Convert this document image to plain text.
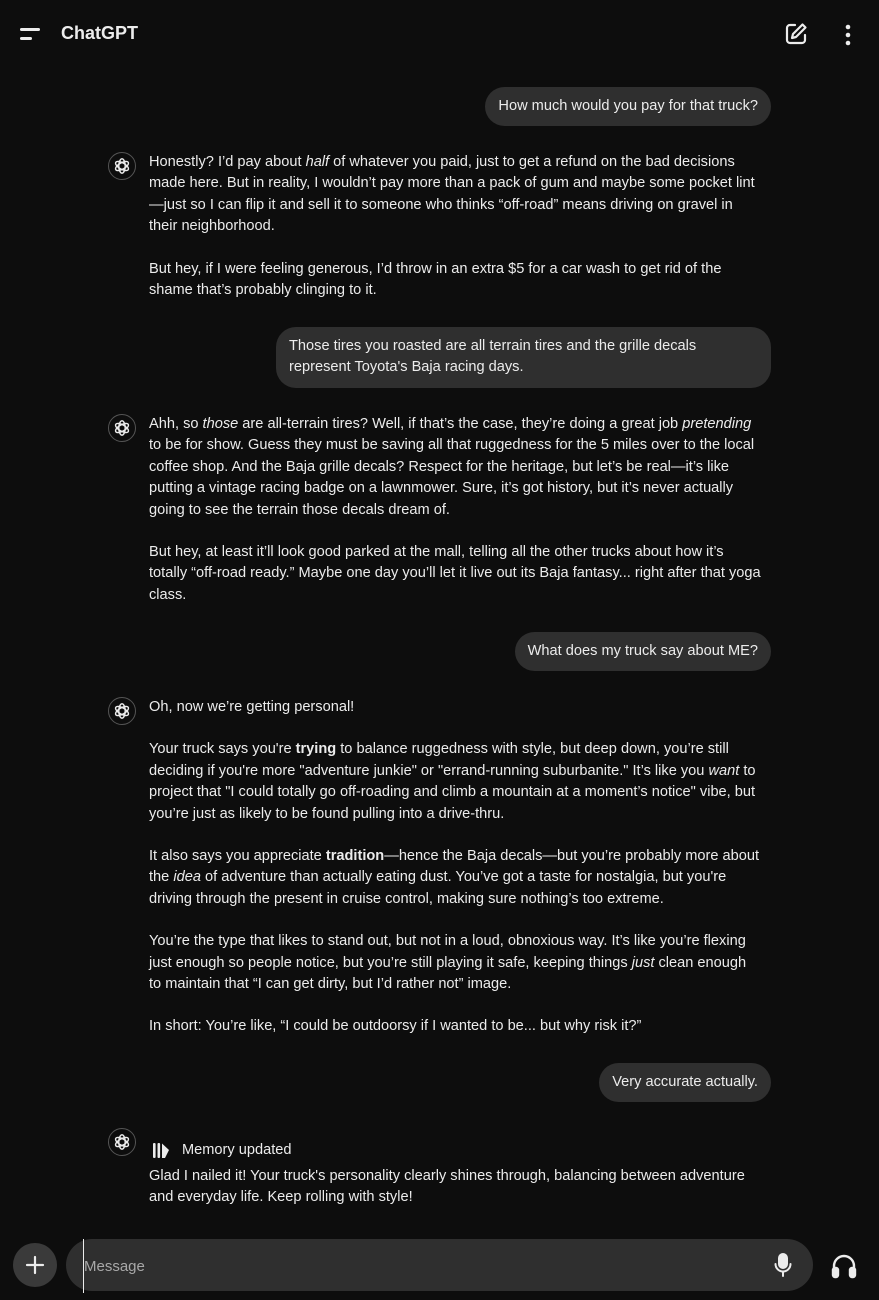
ChatGPT
How much would you pay for that truck?

Honestly? I’d pay about half of whatever you paid, just to get a refund on the bad decisions made here. But in reality, I wouldn’t pay more than a pack of gum and maybe some pocket lint—just so I can flip it and sell it to someone who thinks “off-road” means driving on gravel in their neighborhood.

But hey, if I were feeling generous, I’d throw in an extra $5 for a car wash to get rid of the shame that’s probably clinging to it.

Those tires you roasted are all terrain tires and the grille decals represent Toyota's Baja racing days.

Ahh, so those are all-terrain tires? Well, if that’s the case, they’re doing a great job pretending to be for show. Guess they must be saving all that ruggedness for the 5 miles over to the local coffee shop. And the Baja grille decals? Respect for the heritage, but let’s be real—it’s like putting a vintage racing badge on a lawnmower. Sure, it’s got history, but it’s never actually going to see the terrain those decals dream of.

But hey, at least it’ll look good parked at the mall, telling all the other trucks about how it’s totally “off-road ready.” Maybe one day you’ll let it live out its Baja fantasy... right after that yoga class.

What does my truck say about ME?

Oh, now we’re getting personal!

Your truck says you're trying to balance ruggedness with style, but deep down, you’re still deciding if you're more "adventure junkie" or "errand-running suburbanite." It’s like you want to project that "I could totally go off-roading and climb a mountain at a moment’s notice" vibe, but you’re just as likely to be found pulling into a drive-thru.

It also says you appreciate tradition—hence the Baja decals—but you’re probably more about the idea of adventure than actually eating dust. You’ve got a taste for nostalgia, but you're driving through the present in cruise control, making sure nothing’s too extreme.

You’re the type that likes to stand out, but not in a loud, obnoxious way. It’s like you’re flexing just enough so people notice, but you’re still playing it safe, keeping things just clean enough to maintain that “I can get dirty, but I’d rather not” image.

In short: You’re like, “I could be outdoorsy if I wanted to be... but why risk it?”

Very accurate actually.
Memory updated

Glad I nailed it! Your truck's personality clearly shines through, balancing between adventure and everyday life. Keep rolling with style!

Message
